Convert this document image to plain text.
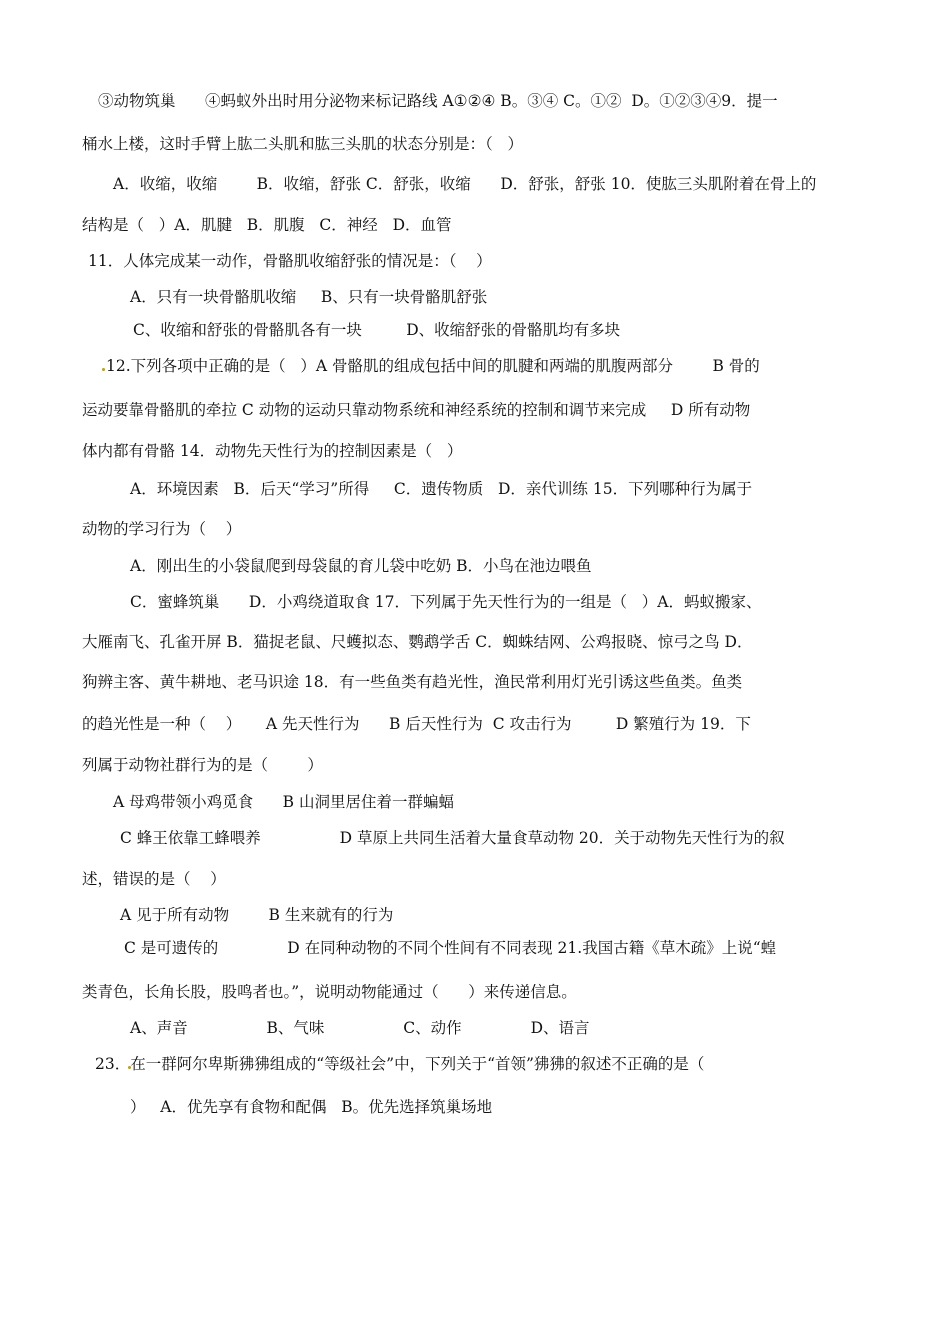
③动物筑巢      ④蚂蚁外出时用分泌物来标记路线 A①②④ B。③④ C。①②  D。①②③④9．提一
桶水上楼，这时手臂上肱二头肌和肱三头肌的状态分别是：（   ）
A．收缩，收缩        B．收缩，舒张 C．舒张，收缩      D．舒张，舒张 10．使肱三头肌附着在骨上的
结构是（   ）A．肌腱   B．肌腹   C．神经   D．血管
11．人体完成某一动作，骨骼肌收缩舒张的情况是：（    ）
A．只有一块骨骼肌收缩     B、只有一块骨骼肌舒张
C、收缩和舒张的骨骼肌各有一块         D、收缩舒张的骨骼肌均有多块
12.下列各项中正确的是（   ）A 骨骼肌的组成包括中间的肌腱和两端的肌腹两部分        B 骨的
运动要靠骨骼肌的牵拉 C 动物的运动只靠动物系统和神经系统的控制和调节来完成     D 所有动物
体内都有骨骼 14．动物先天性行为的控制因素是（   ）
A．环境因素   B．后天“学习”所得     C．遗传物质   D．亲代训练 15．下列哪种行为属于
动物的学习行为（    ）
A．刚出生的小袋鼠爬到母袋鼠的育儿袋中吃奶 B．小鸟在池边喂鱼
C．蜜蜂筑巢      D．小鸡绕道取食 17．下列属于先天性行为的一组是（   ）A．蚂蚁搬家、
大雁南飞、孔雀开屏 B．猫捉老鼠、尺蠖拟态、鹦鹉学舌 C．蜘蛛结网、公鸡报晓、惊弓之鸟 D．
狗辨主客、黄牛耕地、老马识途 18．有一些鱼类有趋光性，渔民常利用灯光引诱这些鱼类。鱼类
的趋光性是一种（    ）     A 先天性行为      B 后天性行为  C 攻击行为         D 繁殖行为 19．下
列属于动物社群行为的是（        ）
A 母鸡带领小鸡觅食      B 山洞里居住着一群蝙蝠
C 蜂王依靠工蜂喂养                D 草原上共同生活着大量食草动物 20．关于动物先天性行为的叙
述，错误的是（    ）
A 见于所有动物        B 生来就有的行为
C 是可遗传的              D 在同种动物的不同个性间有不同表现 21.我国古籍《草木疏》上说“蝗
类青色，长角长股，股鸣者也。”，说明动物能通过（      ）来传递信息。
A、声音                B、气味                C、动作              D、语言
23．在一群阿尔卑斯狒狒组成的“等级社会”中，下列关于“首领”狒狒的叙述不正确的是（
）   A．优先享有食物和配偶   B。优先选择筑巢场地
